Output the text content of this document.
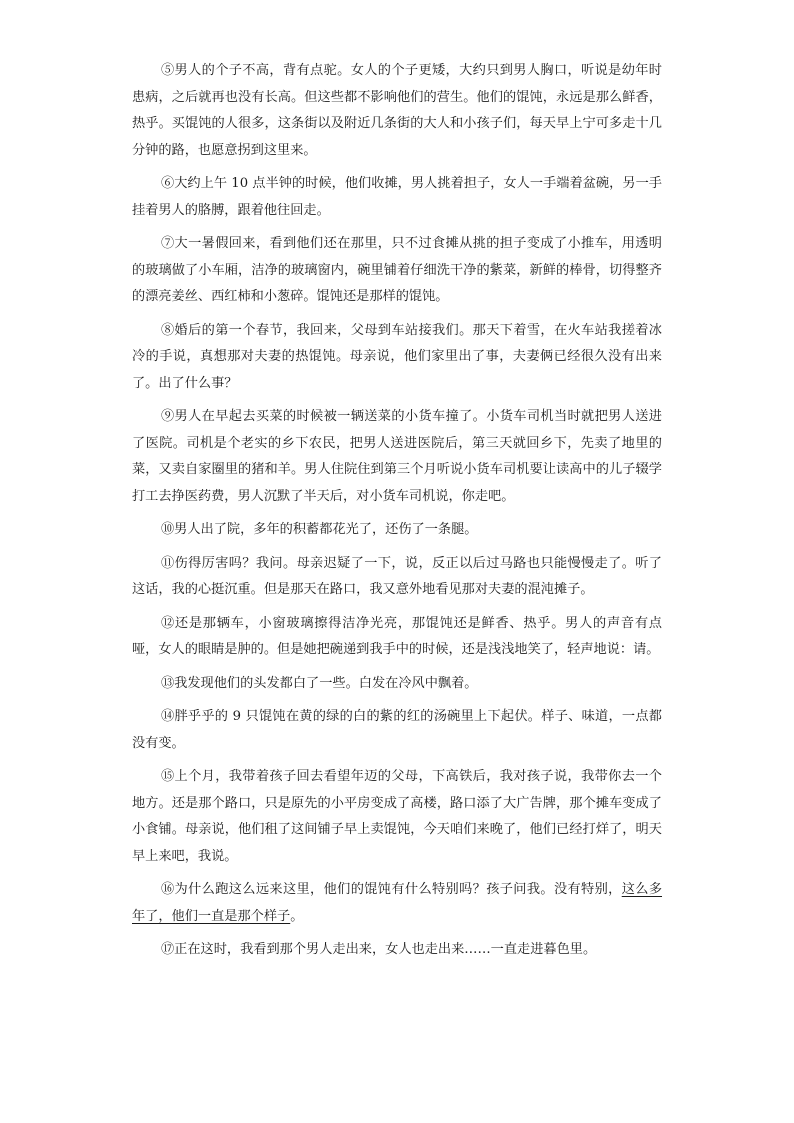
⑤男人的个子不高，背有点驼。女人的个子更矮，大约只到男人胸口，听说是幼年时患病，之后就再也没有长高。但这些都不影响他们的营生。他们的馄饨，永远是那么鲜香，热乎。买馄饨的人很多，这条街以及附近几条街的大人和小孩子们，每天早上宁可多走十几分钟的路，也愿意拐到这里来。

⑥大约上午 10 点半钟的时候，他们收摊，男人挑着担子，女人一手端着盆碗，另一手挂着男人的胳膊，跟着他往回走。

⑦大一暑假回来，看到他们还在那里，只不过食摊从挑的担子变成了小推车，用透明的玻璃做了小车厢，洁净的玻璃窗内，碗里铺着仔细洗干净的紫菜，新鲜的棒骨，切得整齐的漂亮姜丝、西红柿和小葱碎。馄饨还是那样的馄饨。

⑧婚后的第一个春节，我回来，父母到车站接我们。那天下着雪，在火车站我搓着冰冷的手说，真想那对夫妻的热馄饨。母亲说，他们家里出了事，夫妻俩已经很久没有出来了。出了什么事？

⑨男人在早起去买菜的时候被一辆送菜的小货车撞了。小货车司机当时就把男人送进了医院。司机是个老实的乡下农民，把男人送进医院后，第三天就回乡下，先卖了地里的菜，又卖自家圈里的猪和羊。男人住院住到第三个月听说小货车司机要让读高中的儿子辍学打工去挣医药费，男人沉默了半天后，对小货车司机说，你走吧。

⑩男人出了院，多年的积蓄都花光了，还伤了一条腿。

⑪伤得厉害吗？我问。母亲迟疑了一下，说，反正以后过马路也只能慢慢走了。听了这话，我的心挺沉重。但是那天在路口，我又意外地看见那对夫妻的混沌摊子。

⑫还是那辆车，小窗玻璃擦得洁净光亮，那馄饨还是鲜香、热乎。男人的声音有点哑，女人的眼睛是肿的。但是她把碗递到我手中的时候，还是浅浅地笑了，轻声地说：请。

⑬我发现他们的头发都白了一些。白发在冷风中飘着。

⑭胖乎乎的 9 只馄饨在黄的绿的白的紫的红的汤碗里上下起伏。样子、味道，一点都没有变。

⑮上个月，我带着孩子回去看望年迈的父母，下高铁后，我对孩子说，我带你去一个地方。还是那个路口，只是原先的小平房变成了高楼，路口添了大广告牌，那个摊车变成了小食铺。母亲说，他们租了这间铺子早上卖馄饨，今天咱们来晚了，他们已经打烊了，明天早上来吧，我说。

⑯为什么跑这么远来这里，他们的馄饨有什么特别吗？孩子问我。没有特别，这么多年了，他们一直是那个样子。

⑰正在这时，我看到那个男人走出来，女人也走出来……一直走进暮色里。
